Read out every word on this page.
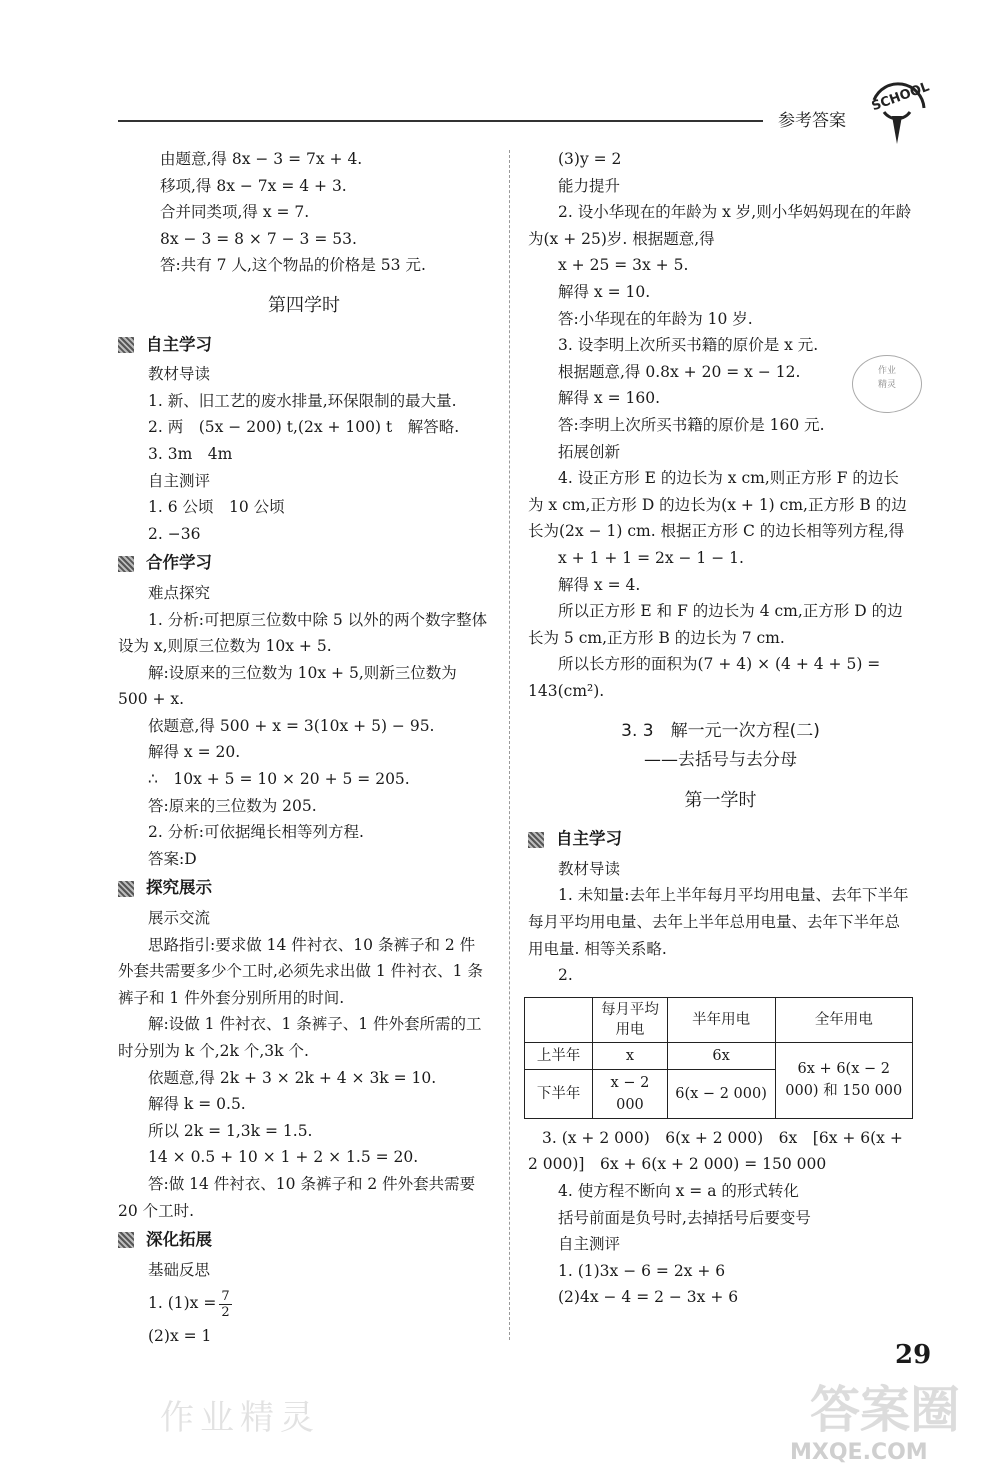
参考答案
SCHOOL
由题意,得 8x − 3 = 7x + 4.
移项,得 8x − 7x = 4 + 3.
合并同类项,得 x = 7.
8x − 3 = 8 × 7 − 3 = 53.
答:共有 7 人,这个物品的价格是 53 元.
第四学时
自主学习
教材导读
1. 新、旧工艺的废水排量,环保限制的最大量.
2. 两　(5x − 200) t,(2x + 100) t　解答略.
3. 3m　4m
自主测评
1. 6 公顷　10 公顷
2. −36
合作学习
难点探究
1. 分析:可把原三位数中除 5 以外的两个数字整体设为 x,则原三位数为 10x + 5.
解:设原来的三位数为 10x + 5,则新三位数为 500 + x.
依题意,得 500 + x = 3(10x + 5) − 95.
解得 x = 20.
∴　10x + 5 = 10 × 20 + 5 = 205.
答:原来的三位数为 205.
2. 分析:可依据绳长相等列方程.
答案:D
探究展示
展示交流
思路指引:要求做 14 件衬衣、10 条裤子和 2 件外套共需要多少个工时,必须先求出做 1 件衬衣、1 条裤子和 1 件外套分别所用的时间.
解:设做 1 件衬衣、1 条裤子、1 件外套所需的工时分别为 k 个,2k 个,3k 个.
依题意,得 2k + 3 × 2k + 4 × 3k = 10.
解得 k = 0.5.
所以 2k = 1,3k = 1.5.
14 × 0.5 + 10 × 1 + 2 × 1.5 = 20.
答:做 14 件衬衣、10 条裤子和 2 件外套共需要 20 个工时.
深化拓展
基础反思
1. $(1)x = \frac{7}{2}$
(2)x = 1
(3)y = 2
能力提升
2. 设小华现在的年龄为 x 岁,则小华妈妈现在的年龄为(x + 25)岁. 根据题意,得
x + 25 = 3x + 5.
解得 x = 10.
答:小华现在的年龄为 10 岁.
3. 设李明上次所买书籍的原价是 x 元.
根据题意,得 0.8x + 20 = x − 12.
解得 x = 160.
答:李明上次所买书籍的原价是 160 元.
拓展创新
4. 设正方形 E 的边长为 x cm,则正方形 F 的边长为 x cm,正方形 D 的边长为(x + 1) cm,正方形 B 的边长为(2x − 1) cm. 根据正方形 C 的边长相等列方程,得
x + 1 + 1 = 2x − 1 − 1.
解得 x = 4.
所以正方形 E 和 F 的边长为 4 cm,正方形 D 的边长为 5 cm,正方形 B 的边长为 7 cm.
所以长方形的面积为(7 + 4) × (4 + 4 + 5) = 143(cm²).
3. 3　解一元一次方程(二)
——去括号与去分母
第一学时
自主学习
教材导读
1. 未知量:去年上半年每月平均用电量、去年下半年每月平均用电量、去年上半年总用电量、去年下半年总用电量. 相等关系略.
2.
	每月平均用电	半年用电	全年用电
上半年	x	6x	6x + 6(x − 2 000) 和 150 000
下半年	x − 2 000	6(x − 2 000)	
3. (x + 2 000)　6(x + 2 000)　6x　[6x + 6(x + 2 000)]　6x + 6(x + 2 000) = 150 000
4. 使方程不断向 x = a 的形式转化
括号前面是负号时,去掉括号后要变号
自主测评
1. (1)3x − 6 = 2x + 6
(2)4x − 4 = 2 − 3x + 6
作业
精灵
29
作业精灵	答案圈
MXQE.COM
